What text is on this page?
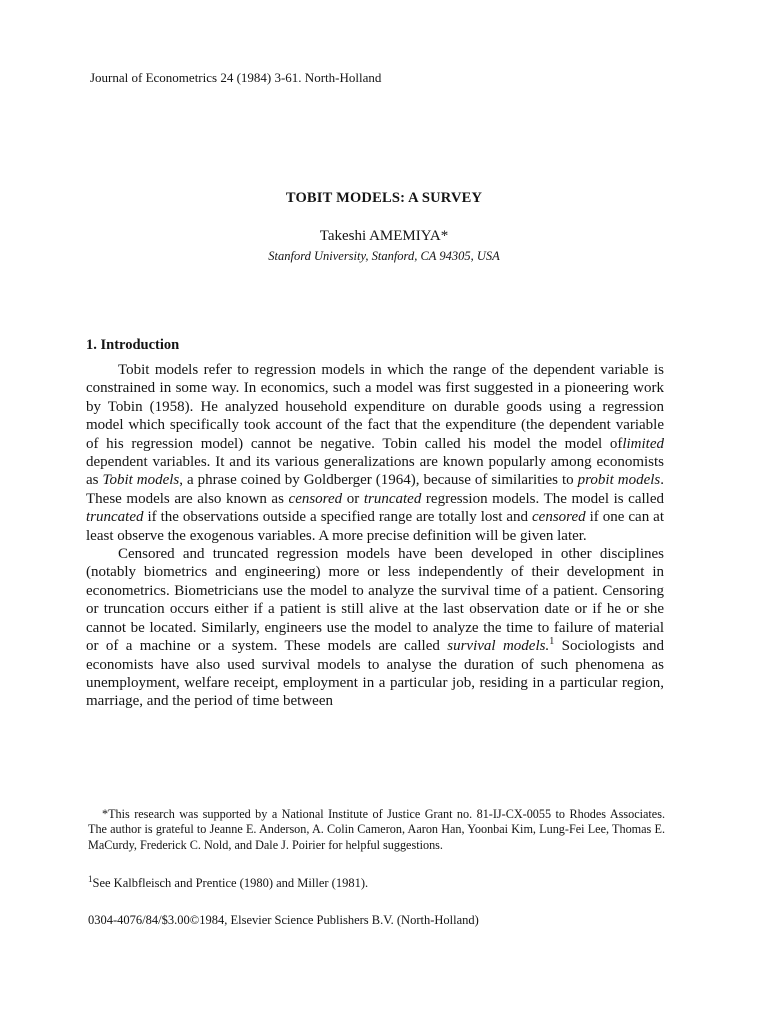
Journal of Econometrics 24 (1984) 3-61. North-Holland
TOBIT MODELS: A SURVEY
Takeshi AMEMIYA*
Stanford University, Stanford, CA 94305, USA
1. Introduction

Tobit models refer to regression models in which the range of the dependent variable is constrained in some way. In economics, such a model was first suggested in a pioneering work by Tobin (1958). He analyzed household expenditure on durable goods using a regression model which specifically took account of the fact that the expenditure (the dependent variable of his regression model) cannot be negative. Tobin called his model the model oflimited dependent variables. It and its various generalizations are known popularly among economists as Tobit models, a phrase coined by Goldberger (1964), because of similarities to probit models. These models are also known as censored or truncated regression models. The model is called truncated if the observations outside a specified range are totally lost and censored if one can at least observe the exogenous variables. A more precise definition will be given later.

Censored and truncated regression models have been developed in other disciplines (notably biometrics and engineering) more or less independently of their development in econometrics. Biometricians use the model to analyze the survival time of a patient. Censoring or truncation occurs either if a patient is still alive at the last observation date or if he or she cannot be located. Similarly, engineers use the model to analyze the time to failure of material or of a machine or a system. These models are called survival models.$^1$ Sociologists and economists have also used survival models to analyse the duration of such phenomena as unemployment, welfare receipt, employment in a particular job, residing in a particular region, marriage, and the period of time between

*This research was supported by a National Institute of Justice Grant no. 81-IJ-CX-0055 to Rhodes Associates. The author is grateful to Jeanne E. Anderson, A. Colin Cameron, Aaron Han, Yoonbai Kim, Lung-Fei Lee, Thomas E. MaCurdy, Frederick C. Nold, and Dale J. Poirier for helpful suggestions.

$^1$See Kalbfleisch and Prentice (1980) and Miller (1981).
0304-4076/84/$3.00©1984, Elsevier Science Publishers B.V. (North-Holland)
